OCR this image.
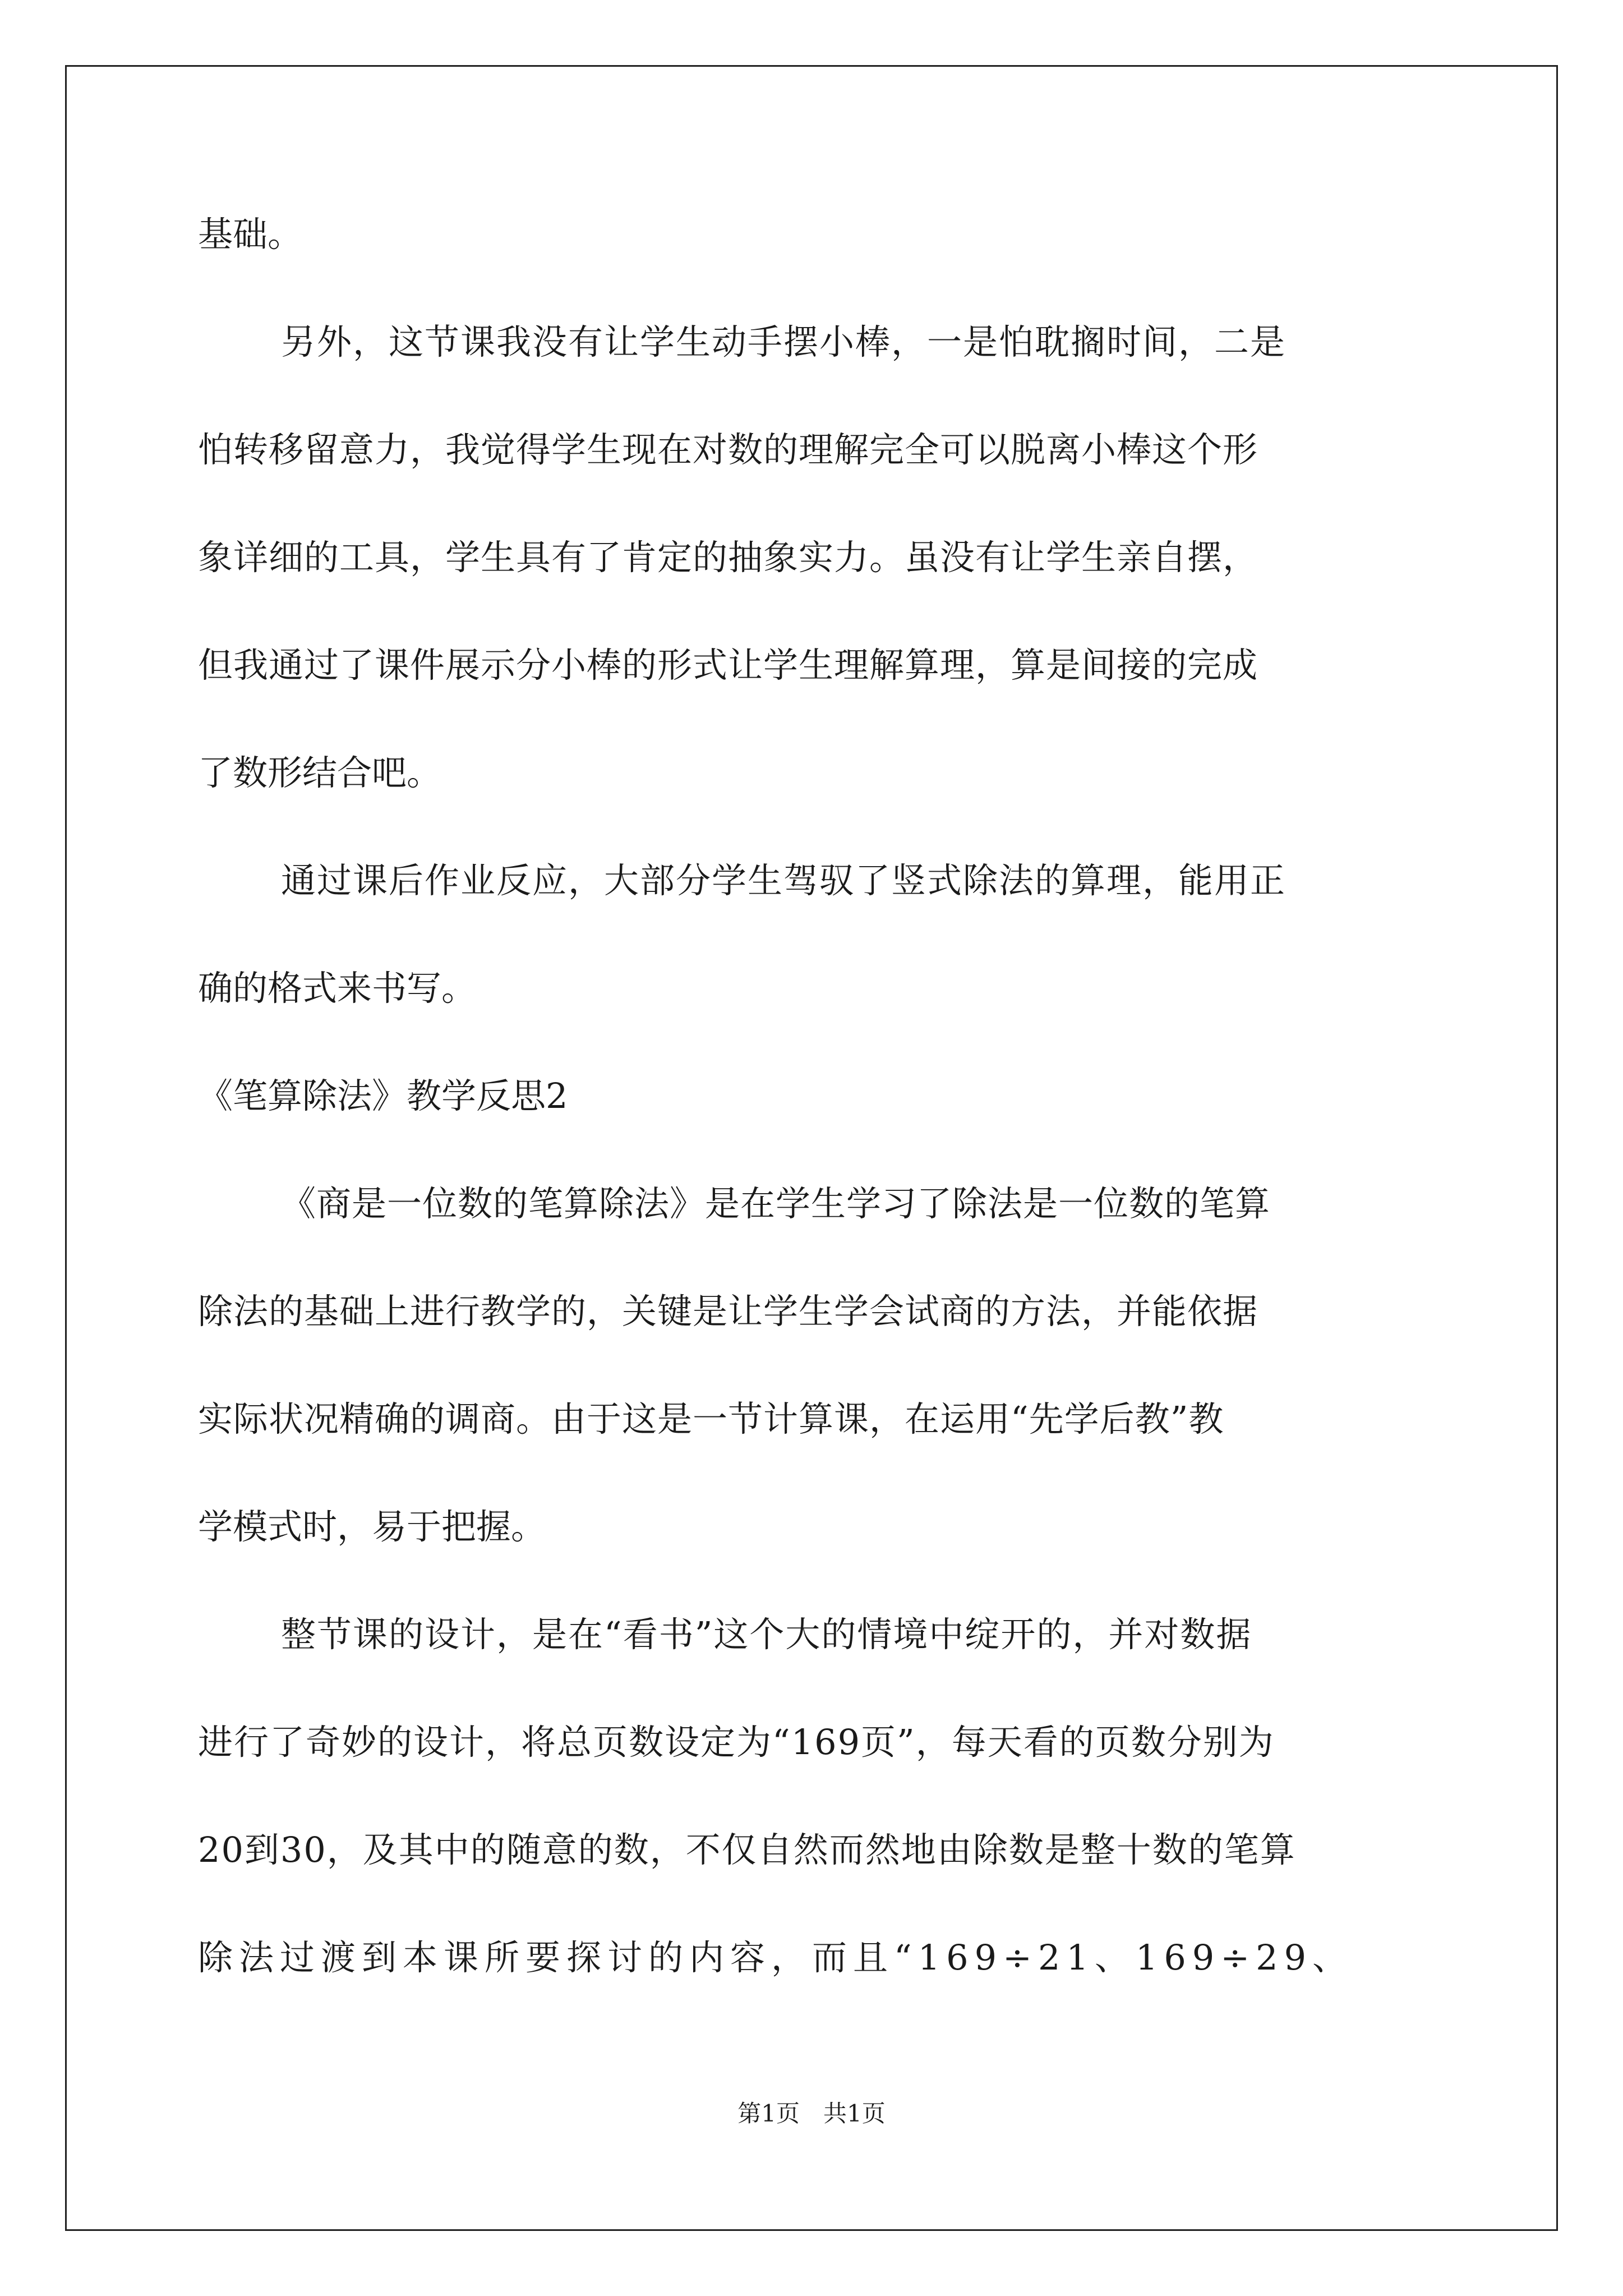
基础。
另外，这节课我没有让学生动手摆小棒，一是怕耽搁时间，二是
怕转移留意力，我觉得学生现在对数的理解完全可以脱离小棒这个形
象详细的工具，学生具有了肯定的抽象实力。虽没有让学生亲自摆，
但我通过了课件展示分小棒的形式让学生理解算理，算是间接的完成
了数形结合吧。
通过课后作业反应，大部分学生驾驭了竖式除法的算理，能用正
确的格式来书写。
《笔算除法》教学反思2
《商是一位数的笔算除法》是在学生学习了除法是一位数的笔算
除法的基础上进行教学的，关键是让学生学会试商的方法，并能依据
实际状况精确的调商。由于这是一节计算课，在运用“先学后教”教
学模式时，易于把握。
整节课的设计，是在“看书”这个大的情境中绽开的，并对数据
进行了奇妙的设计，将总页数设定为“169页”，每天看的页数分别为
20到30，及其中的随意的数，不仅自然而然地由除数是整十数的笔算
除法过渡到本课所要探讨的内容，而且“169÷21、169÷29、
第1页　共1页
